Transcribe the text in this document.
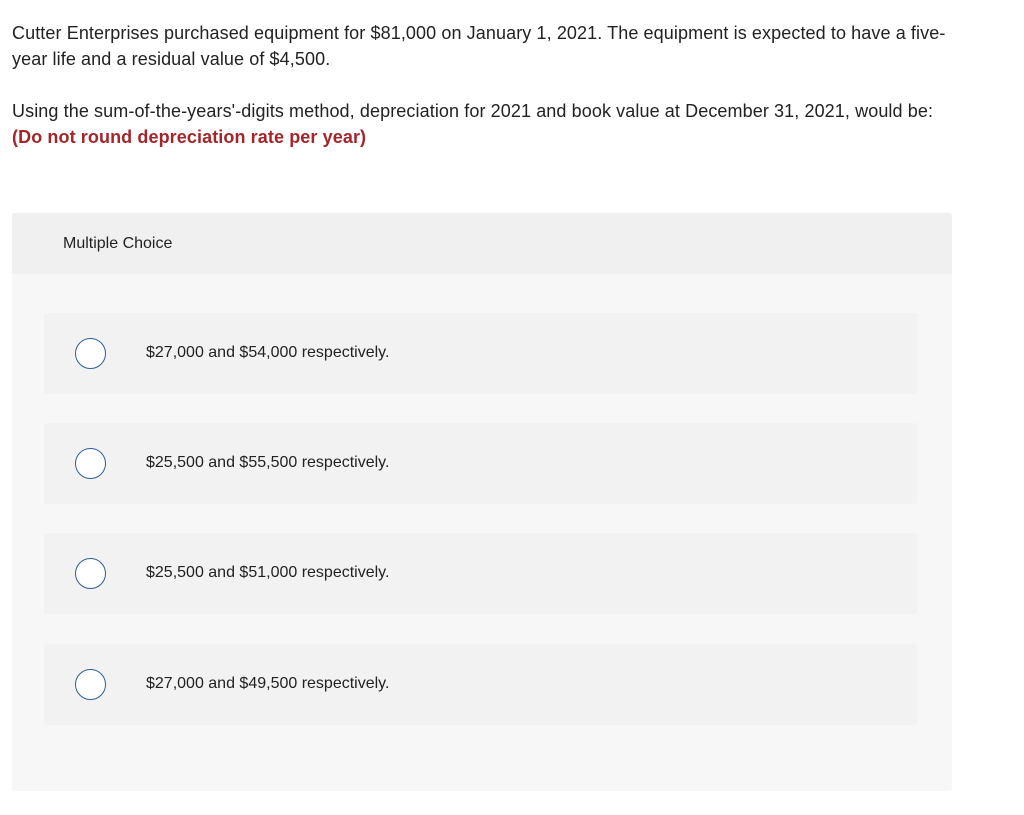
Cutter Enterprises purchased equipment for $81,000 on January 1, 2021. The equipment is expected to have a five-year life and a residual value of $4,500.

Using the sum-of-the-years'-digits method, depreciation for 2021 and book value at December 31, 2021, would be: (Do not round depreciation rate per year)

Multiple Choice
$27,000 and $54,000 respectively.
$25,500 and $55,500 respectively.
$25,500 and $51,000 respectively.
$27,000 and $49,500 respectively.
